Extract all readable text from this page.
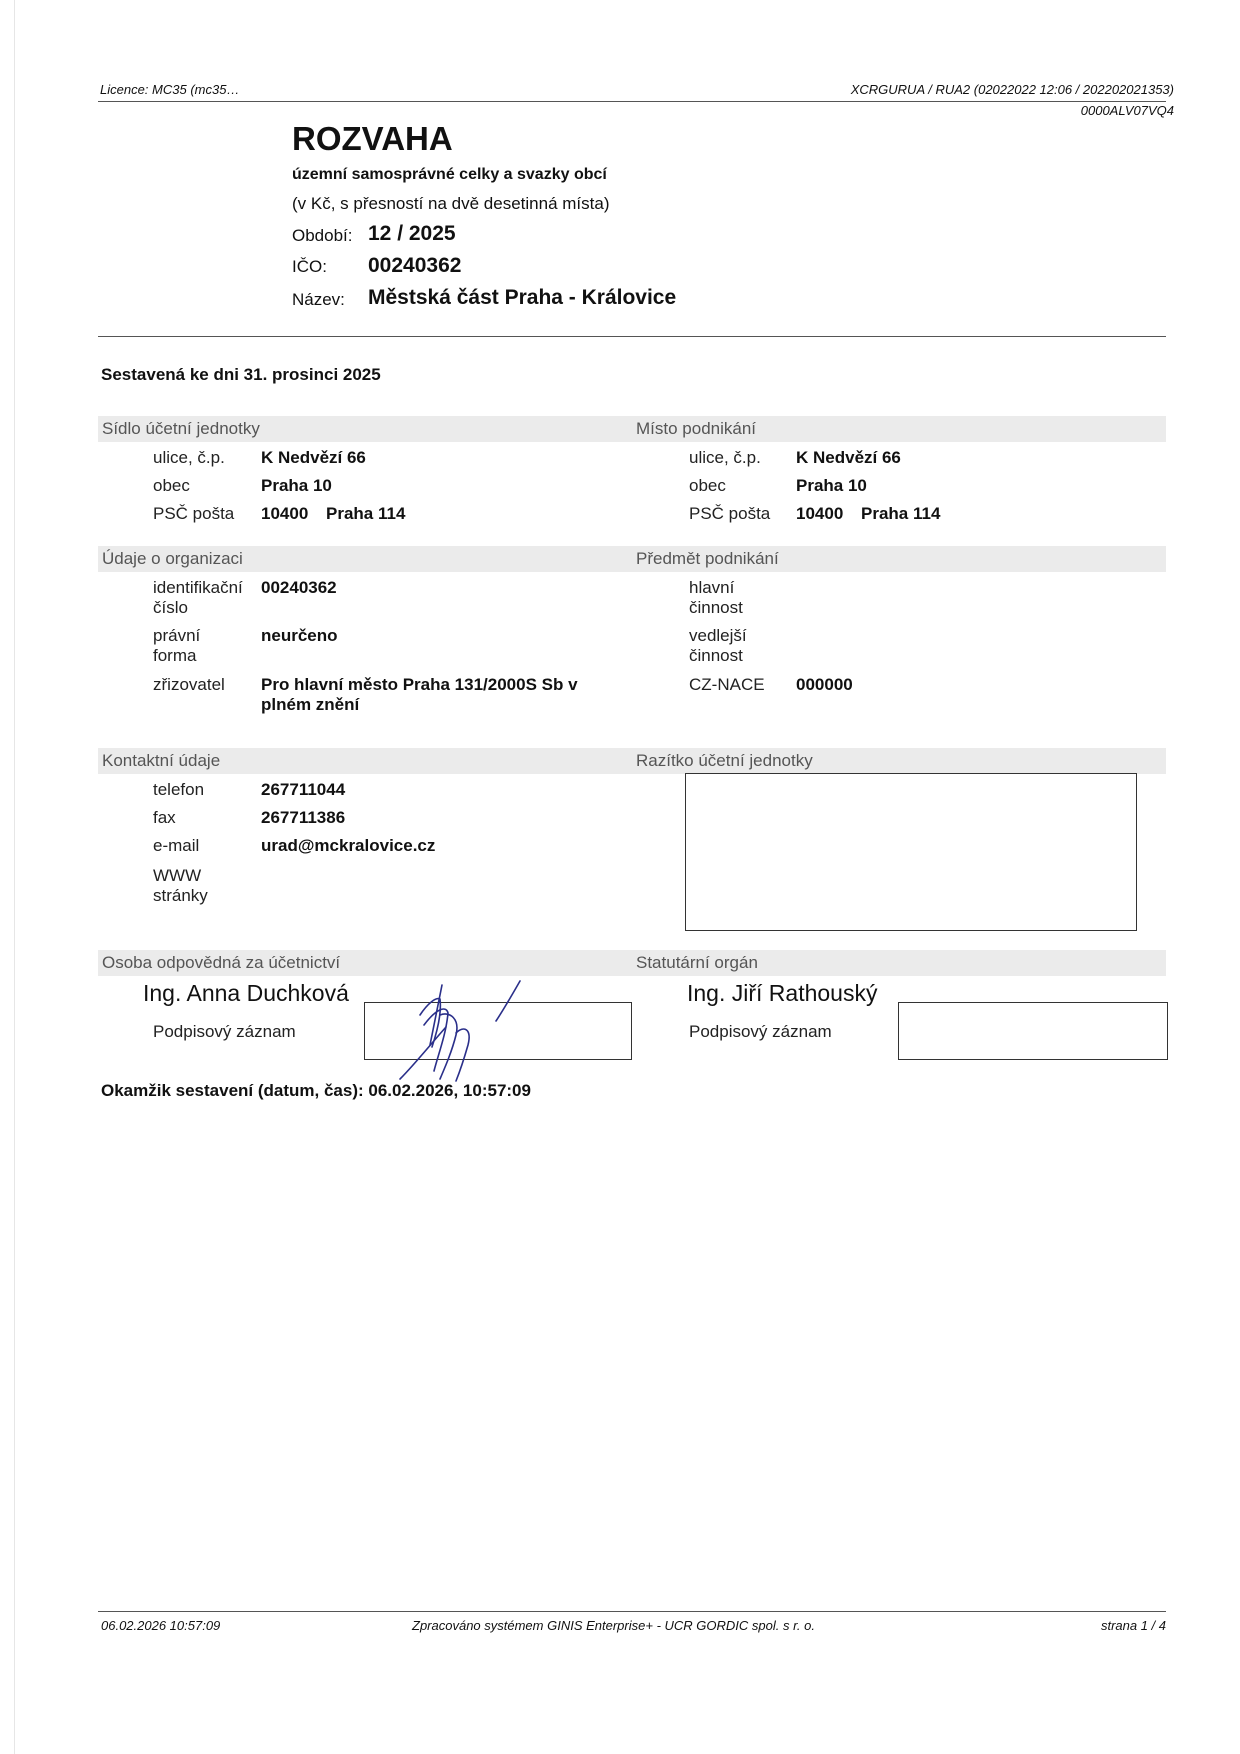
Licence: MC35 (mc35…	XCRGURUA / RUA2 (02022022 12:06 / 202202021353)
0000ALV07VQ4
ROZVAHA
územní samosprávné celky a svazky obcí
(v Kč, s přesností na dvě desetinná místa)
Období: 12 / 2025
IČO: 00240362
Název: Městská část Praha - Královice
Sestavená ke dni 31. prosinci 2025
Sídlo účetní jednotky	Místo podnikání
ulice, č.p. K Nedvězí 66
obec	Praha 10
PSČ pošta 10400 Praha 114
ulice, č.p. K Nedvězí 66
obec	Praha 10
PSČ pošta 10400 Praha 114
Údaje o organizaci	Předmět podnikání
identifikační
číslo
00240362
právní
forma
neurčeno
zřizovatel Pro hlavní město Praha 131/2000S Sb v
plném znění
hlavní
činnost
vedlejší
činnost
CZ-NACE 000000
Kontaktní údaje	Razítko účetní jednotky
telefon	267711044
fax	267711386
e-mail	urad@mckralovice.cz
WWW
stránky
Osoba odpovědná za účetnictví	Statutární orgán
Ing. Anna Duchková
Podpisový záznam
Ing. Jiří Rathouský
Podpisový záznam
Okamžik sestavení (datum, čas): 06.02.2026, 10:57:09
06.02.2026 10:57:09	Zpracováno systémem GINIS Enterprise+ - UCR GORDIC spol. s r. o.	strana 1 / 4
